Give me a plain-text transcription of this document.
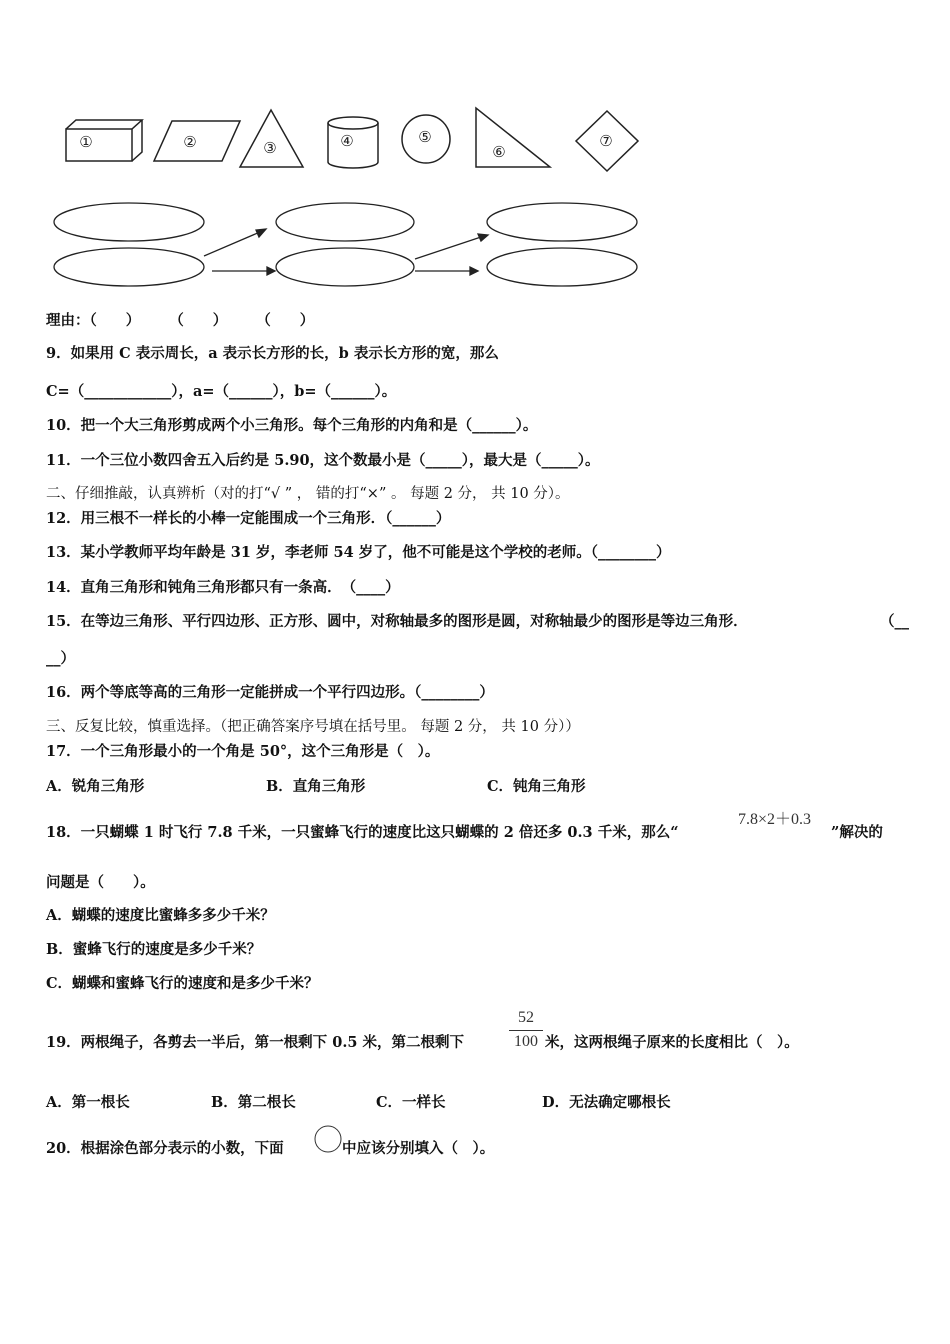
①	②	③	④	⑤
⑥
⑦
理由：（　　）　　　（　　）　　　（　　）
9．如果用 C 表示周长，a 表示长方形的长，b 表示长方形的宽，那么
C=（____________），a=（______），b=（______）。
10．把一个大三角形剪成两个小三角形。每个三角形的内角和是（______）。
11．一个三位小数四舍五入后约是 5.90，这个数最小是（_____），最大是（_____）。
二、仔细推敲，认真辨析（对的打“√ ” ， 错的打“×” 。 每题 2 分， 共 10 分）。
12．用三根不一样长的小棒一定能围成一个三角形．（______）
13．某小学教师平均年龄是 31 岁，李老师 54 岁了，他不可能是这个学校的老师。（________）
14．直角三角形和钝角三角形都只有一条高．　（____）
15．在等边三角形、平行四边形、正方形、圆中，对称轴最多的图形是圆，对称轴最少的图形是等边三角形．	（__
__）
16．两个等底等高的三角形一定能拼成一个平行四边形。（________）
三、反复比较，慎重选择。（把正确答案序号填在括号里。 每题 2 分， 共 10 分））
17．一个三角形最小的一个角是 50°，这个三角形是（　）。
A．锐角三角形	B．直角三角形	C．钝角三角形
18．一只蝴蝶 1 时飞行 7.8 千米，一只蜜蜂飞行的速度比这只蝴蝶的 2 倍还多 0.3 千米，那么“
7.8×2＋0.3
”解决的
问题是（　　）。
A．蝴蝶的速度比蜜蜂多多少千米？
B．蜜蜂飞行的速度是多少千米？
C．蝴蝶和蜜蜂飞行的速度和是多少千米？
19．两根绳子，各剪去一半后，第一根剩下 0.5 米，第二根剩下
52
100 米，这两根绳子原来的长度相比（　）。
A．第一根长	B．第二根长	C．一样长	D．无法确定哪根长
20．根据涂色部分表示的小数，下面	中应该分别填入（　）。
